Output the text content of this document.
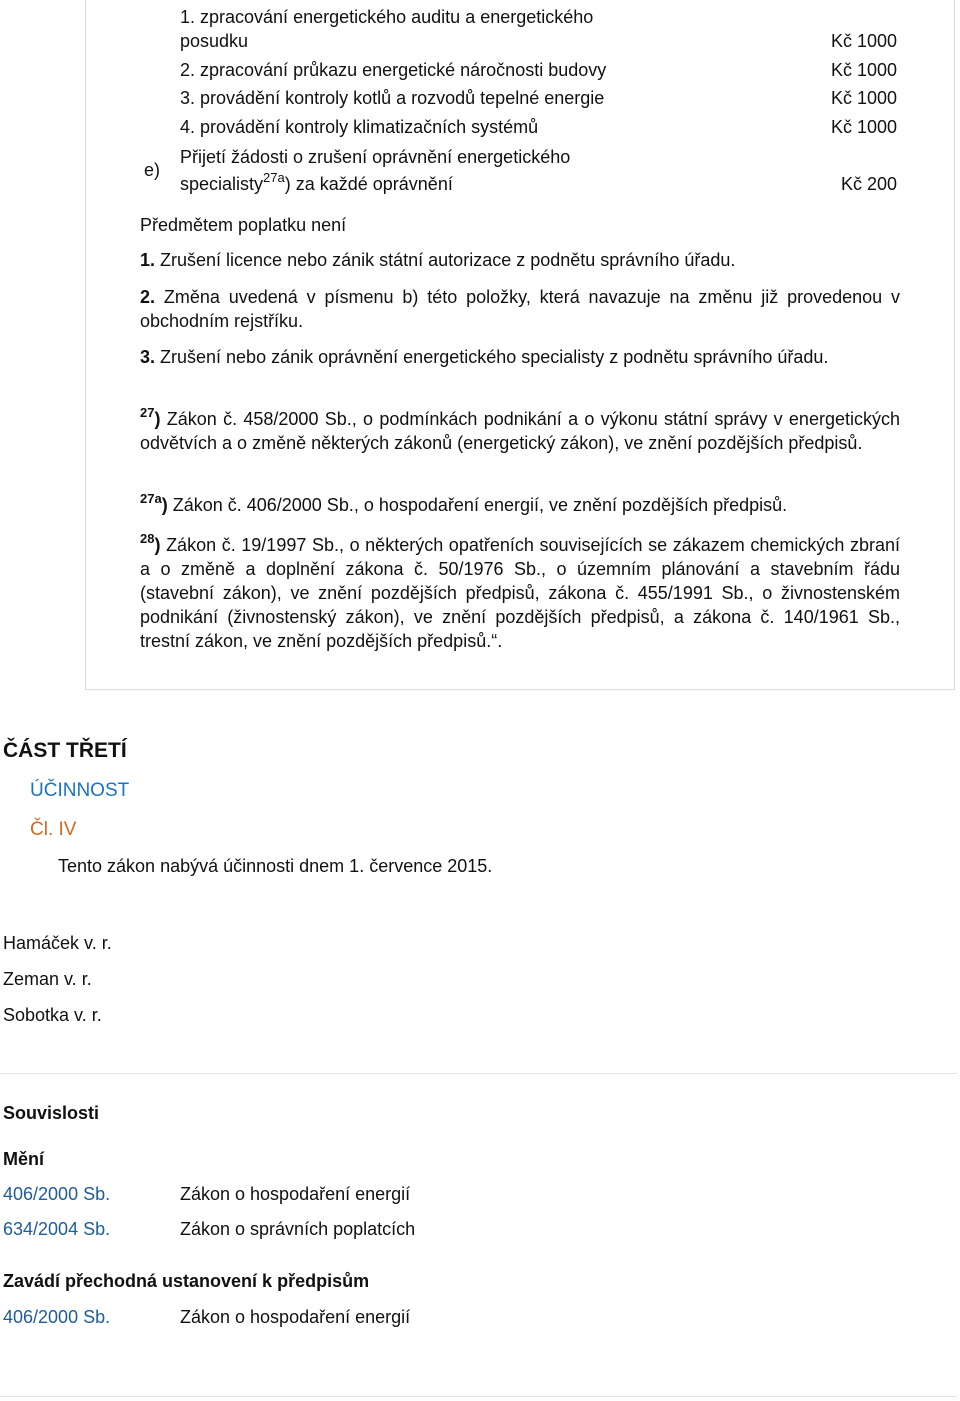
1. zpracování energetického auditu a energetického
posudku	Kč 1000
2. zpracování průkazu energetické náročnosti budovy	Kč 1000
3. provádění kontroly kotlů a rozvodů tepelné energie	Kč 1000
4. provádění kontroly klimatizačních systémů	Kč 1000
e)
Přijetí žádosti o zrušení oprávnění energetického
specialisty$^{27a}$) za každé oprávnění	Kč 200
Předmětem poplatku není
1. Zrušení licence nebo zánik státní autorizace z podnětu správního úřadu.
2. Změna uvedená v písmenu b) této položky, která navazuje na změnu již provedenou v obchodním rejstříku.
3. Zrušení nebo zánik oprávnění energetického specialisty z podnětu správního úřadu.
$^{27}$) Zákon č. 458/2000 Sb., o podmínkách podnikání a o výkonu státní správy v energetických odvětvích a o změně některých zákonů (energetický zákon), ve znění pozdějších předpisů.
$^{27a}$) Zákon č. 406/2000 Sb., o hospodaření energií, ve znění pozdějších předpisů.
$^{28}$) Zákon č. 19/1997 Sb., o některých opatřeních souvisejících se zákazem chemických zbraní a o změně a doplnění zákona č. 50/1976 Sb., o územním plánování a stavebním řádu (stavební zákon), ve znění pozdějších předpisů, zákona č. 455/1991 Sb., o živnostenském podnikání (živnostenský zákon), ve znění pozdějších předpisů, a zákona č. 140/1961 Sb., trestní zákon, ve znění pozdějších předpisů.“.
ČÁST TŘETÍ
ÚČINNOST
Čl. IV
Tento zákon nabývá účinnosti dnem 1. července 2015.
Hamáček v. r.
Zeman v. r.
Sobotka v. r.
Souvislosti
Mění
406/2000 Sb.	Zákon o hospodaření energií
634/2004 Sb.	Zákon o správních poplatcích
Zavádí přechodná ustanovení k předpisům
406/2000 Sb.	Zákon o hospodaření energií
